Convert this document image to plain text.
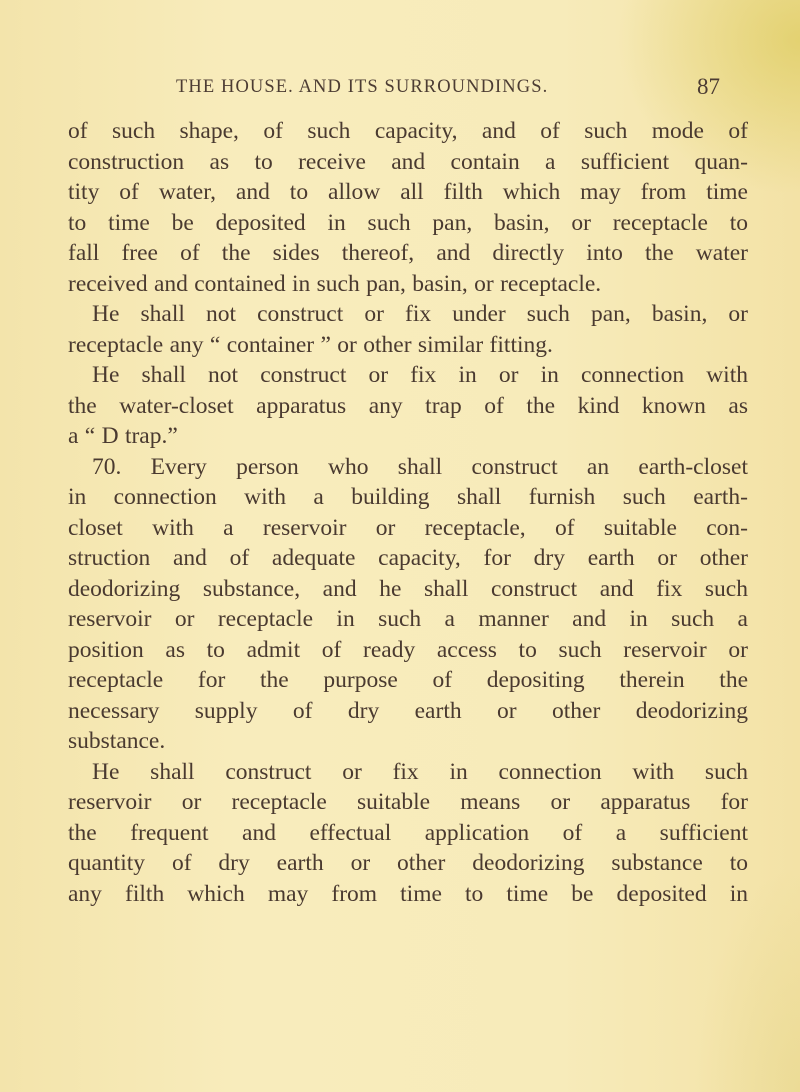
THE HOUSE. AND ITS SURROUNDINGS.	87
of such shape, of such capacity, and of such mode of
construction as to receive and contain a sufficient quan-
tity of water, and to allow all filth which may from time
to time be deposited in such pan, basin, or receptacle to
fall free of the sides thereof, and directly into the water
received and contained in such pan, basin, or receptacle.
He shall not construct or fix under such pan, basin, or
receptacle any “ container ” or other similar fitting.
He shall not construct or fix in or in connection with
the water-closet apparatus any trap of the kind known as
a “ D trap.”
70. Every person who shall construct an earth-closet
in connection with a building shall furnish such earth-
closet with a reservoir or receptacle, of suitable con-
struction and of adequate capacity, for dry earth or other
deodorizing substance, and he shall construct and fix such
reservoir or receptacle in such a manner and in such a
position as to admit of ready access to such reservoir or
receptacle for the purpose of depositing therein the
necessary supply of dry earth or other deodorizing
substance.
He shall construct or fix in connection with such
reservoir or receptacle suitable means or apparatus for
the frequent and effectual application of a sufficient
quantity of dry earth or other deodorizing substance to
any filth which may from time to time be deposited in
